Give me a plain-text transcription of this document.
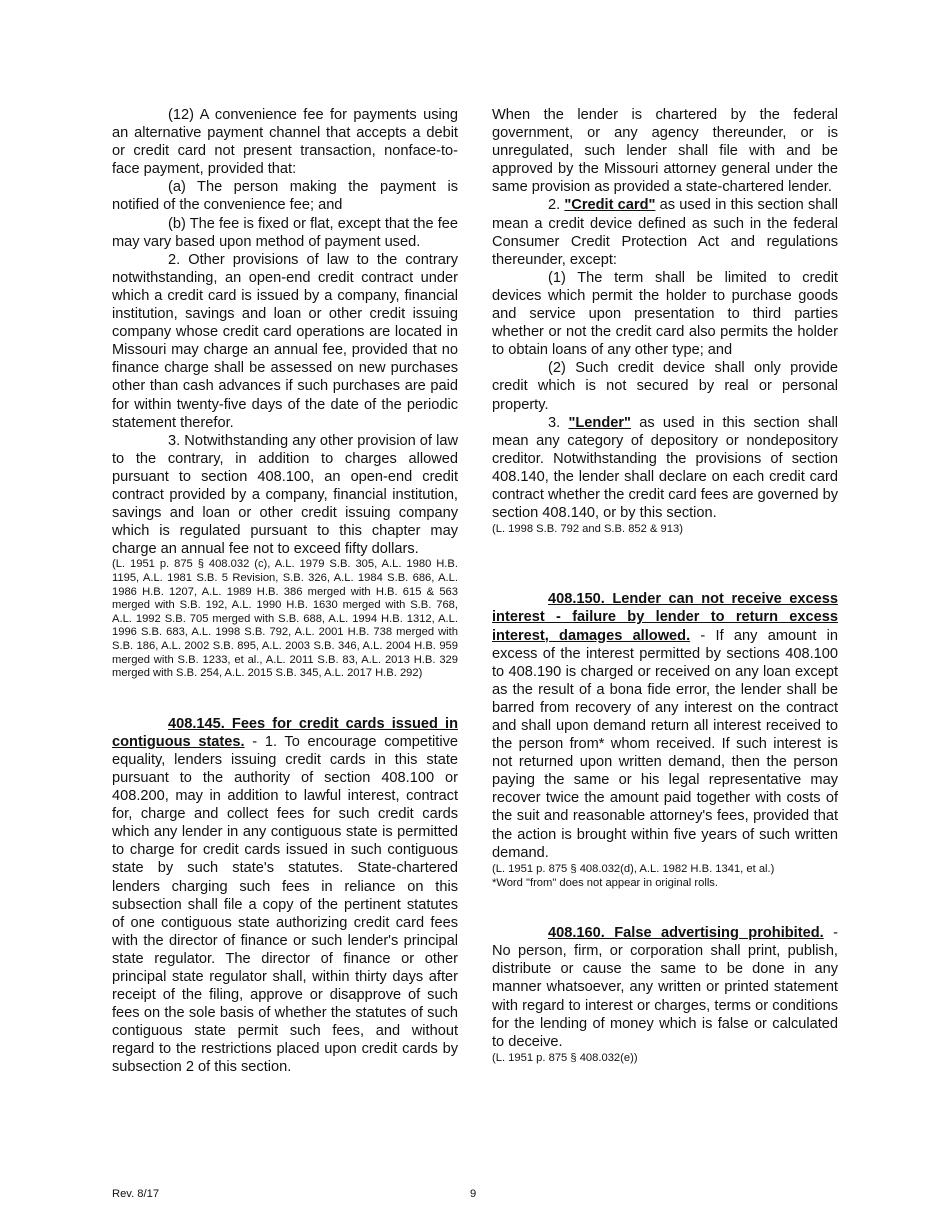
(12) A convenience fee for payments using an alternative payment channel that accepts a debit or credit card not present transaction, nonface-to-face payment, provided that:

(a) The person making the payment is notified of the convenience fee; and

(b) The fee is fixed or flat, except that the fee may vary based upon method of payment used.

2. Other provisions of law to the contrary notwithstanding, an open-end credit contract under which a credit card is issued by a company, financial institution, savings and loan or other credit issuing company whose credit card operations are located in Missouri may charge an annual fee, provided that no finance charge shall be assessed on new purchases other than cash advances if such purchases are paid for within twenty-five days of the date of the periodic statement therefor.

3. Notwithstanding any other provision of law to the contrary, in addition to charges allowed pursuant to section 408.100, an open-end credit contract provided by a company, financial institution, savings and loan or other credit issuing company which is regulated pursuant to this chapter may charge an annual fee not to exceed fifty dollars.

(L. 1951 p. 875 § 408.032 (c), A.L. 1979 S.B. 305, A.L. 1980 H.B. 1195, A.L. 1981 S.B. 5 Revision, S.B. 326, A.L. 1984 S.B. 686, A.L. 1986 H.B. 1207, A.L. 1989 H.B. 386 merged with H.B. 615 & 563 merged with S.B. 192, A.L. 1990 H.B. 1630 merged with S.B. 768, A.L. 1992 S.B. 705 merged with S.B. 688, A.L. 1994 H.B. 1312, A.L. 1996 S.B. 683, A.L. 1998 S.B. 792, A.L. 2001 H.B. 738 merged with S.B. 186, A.L. 2002 S.B. 895, A.L. 2003 S.B. 346, A.L. 2004 H.B. 959 merged with S.B. 1233, et al., A.L. 2011 S.B. 83, A.L. 2013 H.B. 329 merged with S.B. 254, A.L. 2015 S.B. 345, A.L. 2017 H.B. 292)

408.145. Fees for credit cards issued in contiguous states. - 1. To encourage competitive equality, lenders issuing credit cards in this state pursuant to the authority of section 408.100 or 408.200, may in addition to lawful interest, contract for, charge and collect fees for such credit cards which any lender in any contiguous state is permitted to charge for credit cards issued in such contiguous state by such state's statutes. State-chartered lenders charging such fees in reliance on this subsection shall file a copy of the pertinent statutes of one contiguous state authorizing credit card fees with the director of finance or such lender's principal state regulator. The director of finance or other principal state regulator shall, within thirty days after receipt of the filing, approve or disapprove of such fees on the sole basis of whether the statutes of such contiguous state permit such fees, and without regard to the restrictions placed upon credit cards by subsection 2 of this section.

When the lender is chartered by the federal government, or any agency thereunder, or is unregulated, such lender shall file with and be approved by the Missouri attorney general under the same provision as provided a state-chartered lender.

2. "Credit card" as used in this section shall mean a credit device defined as such in the federal Consumer Credit Protection Act and regulations thereunder, except:

(1) The term shall be limited to credit devices which permit the holder to purchase goods and service upon presentation to third parties whether or not the credit card also permits the holder to obtain loans of any other type; and

(2) Such credit device shall only provide credit which is not secured by real or personal property.

3. "Lender" as used in this section shall mean any category of depository or nondepository creditor. Notwithstanding the provisions of section 408.140, the lender shall declare on each credit card contract whether the credit card fees are governed by section 408.140, or by this section.

(L. 1998 S.B. 792 and S.B. 852 & 913)

408.150. Lender can not receive excess interest - failure by lender to return excess interest, damages allowed. - If any amount in excess of the interest permitted by sections 408.100 to 408.190 is charged or received on any loan except as the result of a bona fide error, the lender shall be barred from recovery of any interest on the contract and shall upon demand return all interest received to the person from* whom received. If such interest is not returned upon written demand, then the person paying the same or his legal representative may recover twice the amount paid together with costs of the suit and reasonable attorney's fees, provided that the action is brought within five years of such written demand.

(L. 1951 p. 875 § 408.032(d), A.L. 1982 H.B. 1341, et al.)
*Word "from" does not appear in original rolls.

408.160. False advertising prohibited. - No person, firm, or corporation shall print, publish, distribute or cause the same to be done in any manner whatsoever, any written or printed statement with regard to interest or charges, terms or conditions for the lending of money which is false or calculated to deceive.

(L. 1951 p. 875 § 408.032(e))
Rev. 8/17	9
